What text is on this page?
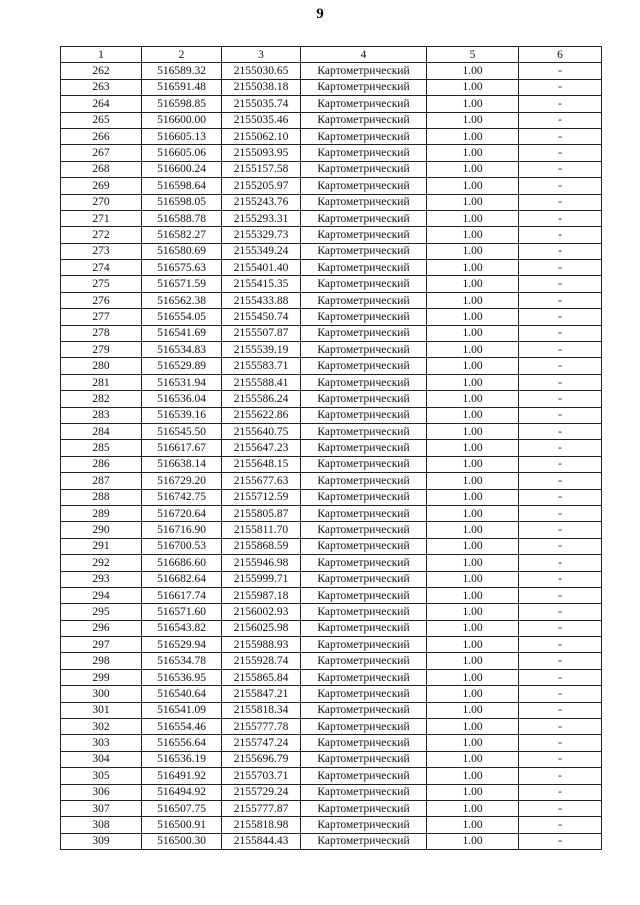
9
1	2	3	4	5	6
262	516589.32	2155030.65	Картометрический	1.00	-
263	516591.48	2155038.18	Картометрический	1.00	-
264	516598.85	2155035.74	Картометрический	1.00	-
265	516600.00	2155035.46	Картометрический	1.00	-
266	516605.13	2155062.10	Картометрический	1.00	-
267	516605.06	2155093.95	Картометрический	1.00	-
268	516600.24	2155157.58	Картометрический	1.00	-
269	516598.64	2155205.97	Картометрический	1.00	-
270	516598.05	2155243.76	Картометрический	1.00	-
271	516588.78	2155293.31	Картометрический	1.00	-
272	516582.27	2155329.73	Картометрический	1.00	-
273	516580.69	2155349.24	Картометрический	1.00	-
274	516575.63	2155401.40	Картометрический	1.00	-
275	516571.59	2155415.35	Картометрический	1.00	-
276	516562.38	2155433.88	Картометрический	1.00	-
277	516554.05	2155450.74	Картометрический	1.00	-
278	516541.69	2155507.87	Картометрический	1.00	-
279	516534.83	2155539.19	Картометрический	1.00	-
280	516529.89	2155583.71	Картометрический	1.00	-
281	516531.94	2155588.41	Картометрический	1.00	-
282	516536.04	2155586.24	Картометрический	1.00	-
283	516539.16	2155622.86	Картометрический	1.00	-
284	516545.50	2155640.75	Картометрический	1.00	-
285	516617.67	2155647.23	Картометрический	1.00	-
286	516638.14	2155648.15	Картометрический	1.00	-
287	516729.20	2155677.63	Картометрический	1.00	-
288	516742.75	2155712.59	Картометрический	1.00	-
289	516720.64	2155805.87	Картометрический	1.00	-
290	516716.90	2155811.70	Картометрический	1.00	-
291	516700.53	2155868.59	Картометрический	1.00	-
292	516686.60	2155946.98	Картометрический	1.00	-
293	516682.64	2155999.71	Картометрический	1.00	-
294	516617.74	2155987.18	Картометрический	1.00	-
295	516571.60	2156002.93	Картометрический	1.00	-
296	516543.82	2156025.98	Картометрический	1.00	-
297	516529.94	2155988.93	Картометрический	1.00	-
298	516534.78	2155928.74	Картометрический	1.00	-
299	516536.95	2155865.84	Картометрический	1.00	-
300	516540.64	2155847.21	Картометрический	1.00	-
301	516541.09	2155818.34	Картометрический	1.00	-
302	516554.46	2155777.78	Картометрический	1.00	-
303	516556.64	2155747.24	Картометрический	1.00	-
304	516536.19	2155696.79	Картометрический	1.00	-
305	516491.92	2155703.71	Картометрический	1.00	-
306	516494.92	2155729.24	Картометрический	1.00	-
307	516507.75	2155777.87	Картометрический	1.00	-
308	516500.91	2155818.98	Картометрический	1.00	-
309	516500.30	2155844.43	Картометрический	1.00	-
